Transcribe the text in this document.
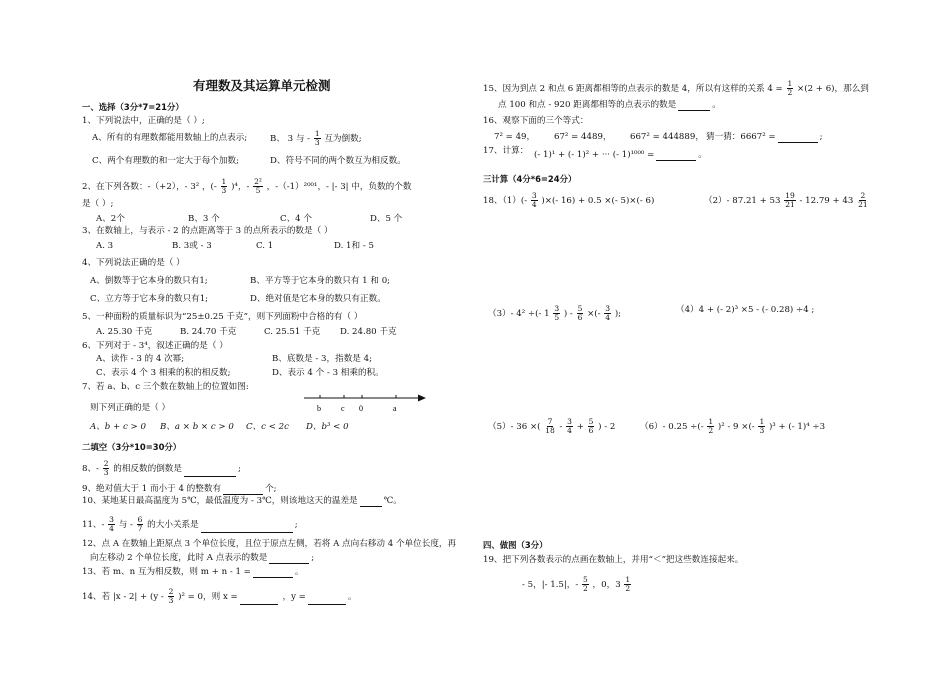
有理数及其运算单元检测
一、选择（3分*7=21分）
1、下列说法中，正确的是（ ）;
A、所有的有理数都能用数轴上的点表示;	B、 3 与 - $\frac{1}{3}$ 互为倒数;
C、两个有理数的和一定大于每个加数;	D、符号不同的两个数互为相反数。
2、在下列各数：-（+2），- 3² ，(- $\frac{1}{3} )^4$，- $\frac{\text{2²}}{5}$ ，-（-1）²⁰⁰¹，- |- 3| 中，负数的个数
是（ ）;
A、2个	B、3 个	C、4 个	D、5 个
3、在数轴上，与表示 - 2 的点距离等于 3 的点所表示的数是（ ）
A. 3	B. 3或 - 3	C. 1	D. 1和 - 5
4、下列说法正确的是（ ）
A、倒数等于它本身的数只有1;	B、平方等于它本身的数只有 1 和 0;
C、立方等于它本身的数只有1;	D、绝对值是它本身的数只有正数。
5、一种面粉的质量标识为“25±0.25 千克”，则下列面粉中合格的有（ ）
A. 25.30 千克	B. 24.70 千克	C. 25.51 千克 D. 24.80 千克
6、下列对于 - 3⁴，叙述正确的是（ ）
A、读作 - 3 的 4 次幂;	B、底数是 - 3，指数是 4;
C、表示 4 个 3 相乘的积的相反数;	D、表示 4 个 - 3 相乘的积。
7、若 a、b、c 三个数在数轴上的位置如图:
则下列正确的是（ ）	b	c 0	a
A、b + c > 0 B、a × b × c > 0 C、c < 2c D、b³ < 0
二填空（3分*10=30分）
8、- $\frac{2}{3}$ 的相反数的倒数是	;
9、绝对值大于 1 而小于 4 的整数有	个;
10、某地某日最高温度为 5℃，最低温度为 - 3℃，则该地这天的温差是	℃。
11、- $\frac{3}{4}$ 与 - $\frac{6}{7}$ 的大小关系是	;
12、点 A 在数轴上距原点 3 个单位长度，且位于原点左侧，若将 A 点向右移动 4 个单位长度，再
向左移动 2 个单位长度，此时 A 点表示的数是	;
13、若 m、n 互为相反数，则 m + n - 1 =	。
14、若 $|x - 2| + (y - \frac{2}{3} )^2 = 0$，则 x =	，y =	。
15、因为到点 2 和点 6 距离都相等的点表示的数是 4，所以有这样的关系 $4 = \frac{1}{2} \times(2 + 6)$，那么到
点 100 和点 - 920 距离都相等的点表示的数是	。
16、观察下面的三个等式：
7² = 49， 67² = 4489， 667² = 444889， 猜一猜：6667² =	;
17、计算： (- 1)¹ + (- 1)² + ··· (- 1)¹⁰⁰⁰ =	。
三计算（4分*6=24分）
18、$(1)(- \frac{3}{4}$ )×(- 16) + 0.5 ×(- 5)×(- 6)	（2）- $87.21 + 53 \frac{19}{21} - 12.79 + 43 \frac{2}{21}$
（3）- 4² ÷(- $1 \frac{3}{5}$ ) - $\frac{5}{6}$ ×(- $\frac{3}{4}$ );	（4）4 + (- 2)³ ×5 - (- 0.28) ÷4 ;
（5）- 36 ×( $\frac{7}{18} - \frac{3}{4} + \frac{5}{6}$ ) - 2	（6）- 0.25 ÷(- $\frac{1}{2} )^2 - 9$ ×(- $\frac{1}{3} )^3$ + (- 1)⁴ ÷3
四、做图（3分）
19、把下列各数表示的点画在数轴上，并用“＜”把这些数连接起来。
- 5，|- 1.5|，- $\frac{5}{2}$ ，0，$3 \frac{1}{2}$
